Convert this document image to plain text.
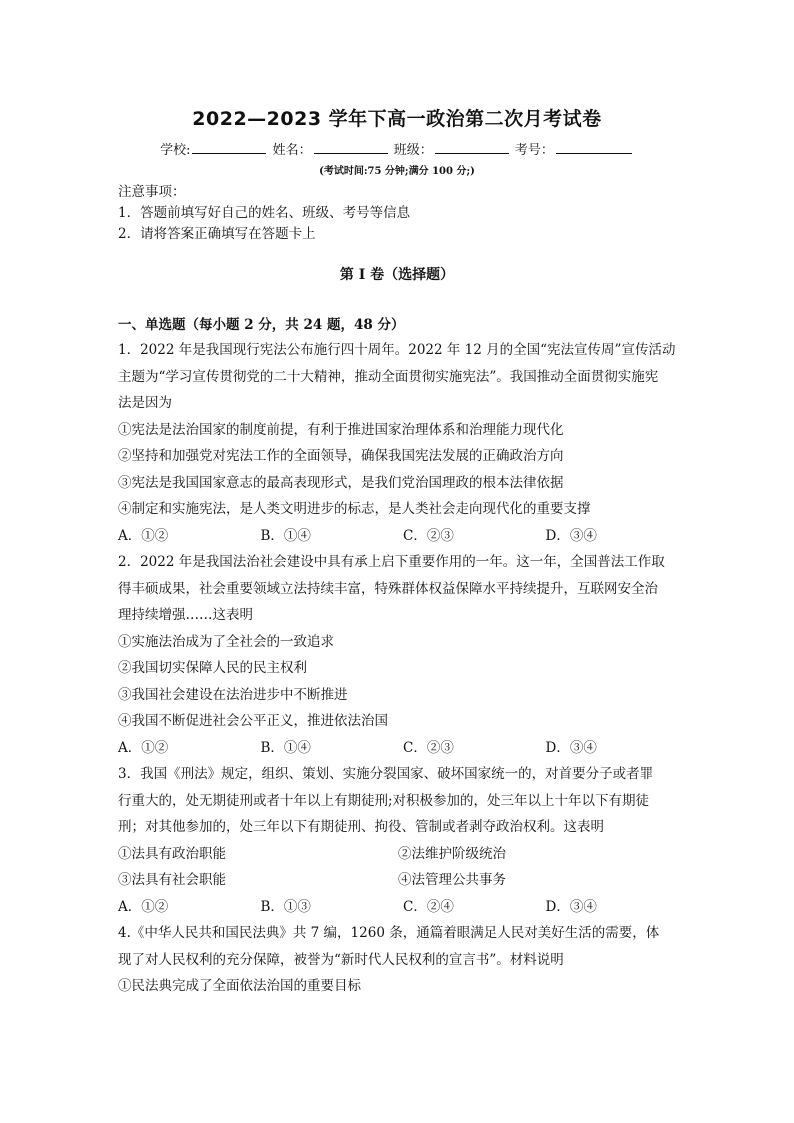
2022—2023 学年下高一政治第二次月考试卷
学校:	姓名：	班级：	考号：
(考试时间:75 分钟;满分 100 分;)
注意事项：
1．答题前填写好自己的姓名、班级、考号等信息
2．请将答案正确填写在答题卡上
第 I 卷（选择题）
一、单选题（每小题 2 分，共 24 题，48 分）
1．2022 年是我国现行宪法公布施行四十周年。2022 年 12 月的全国“宪法宣传周”宣传活动
主题为“学习宣传贯彻党的二十大精神，推动全面贯彻实施宪法”。我国推动全面贯彻实施宪
法是因为
①宪法是法治国家的制度前提，有利于推进国家治理体系和治理能力现代化
②坚持和加强党对宪法工作的全面领导，确保我国宪法发展的正确政治方向
③宪法是我国国家意志的最高表现形式，是我们党治国理政的根本法律依据
④制定和实施宪法，是人类文明进步的标志，是人类社会走向现代化的重要支撑
A．①②	B．①④	C．②③	D．③④
2．2022 年是我国法治社会建设中具有承上启下重要作用的一年。这一年，全国普法工作取
得丰硕成果，社会重要领域立法持续丰富，特殊群体权益保障水平持续提升，互联网安全治
理持续增强……这表明
①实施法治成为了全社会的一致追求
②我国切实保障人民的民主权利
③我国社会建设在法治进步中不断推进
④我国不断促进社会公平正义，推进依法治国
A．①②	B．①④	C．②③	D．③④
3．我国《刑法》规定，组织、策划、实施分裂国家、破坏国家统一的，对首要分子或者罪
行重大的，处无期徒刑或者十年以上有期徒刑;对积极参加的，处三年以上十年以下有期徒
刑；对其他参加的，处三年以下有期徒刑、拘役、管制或者剥夺政治权利。这表明
①法具有政治职能	②法维护阶级统治
③法具有社会职能	④法管理公共事务
A．①②	B．①③	C．②④	D．③④
4.《中华人民共和国民法典》共 7 编，1260 条，通篇着眼满足人民对美好生活的需要，体
现了对人民权利的充分保障，被誉为“新时代人民权利的宣言书”。材料说明
①民法典完成了全面依法治国的重要目标
